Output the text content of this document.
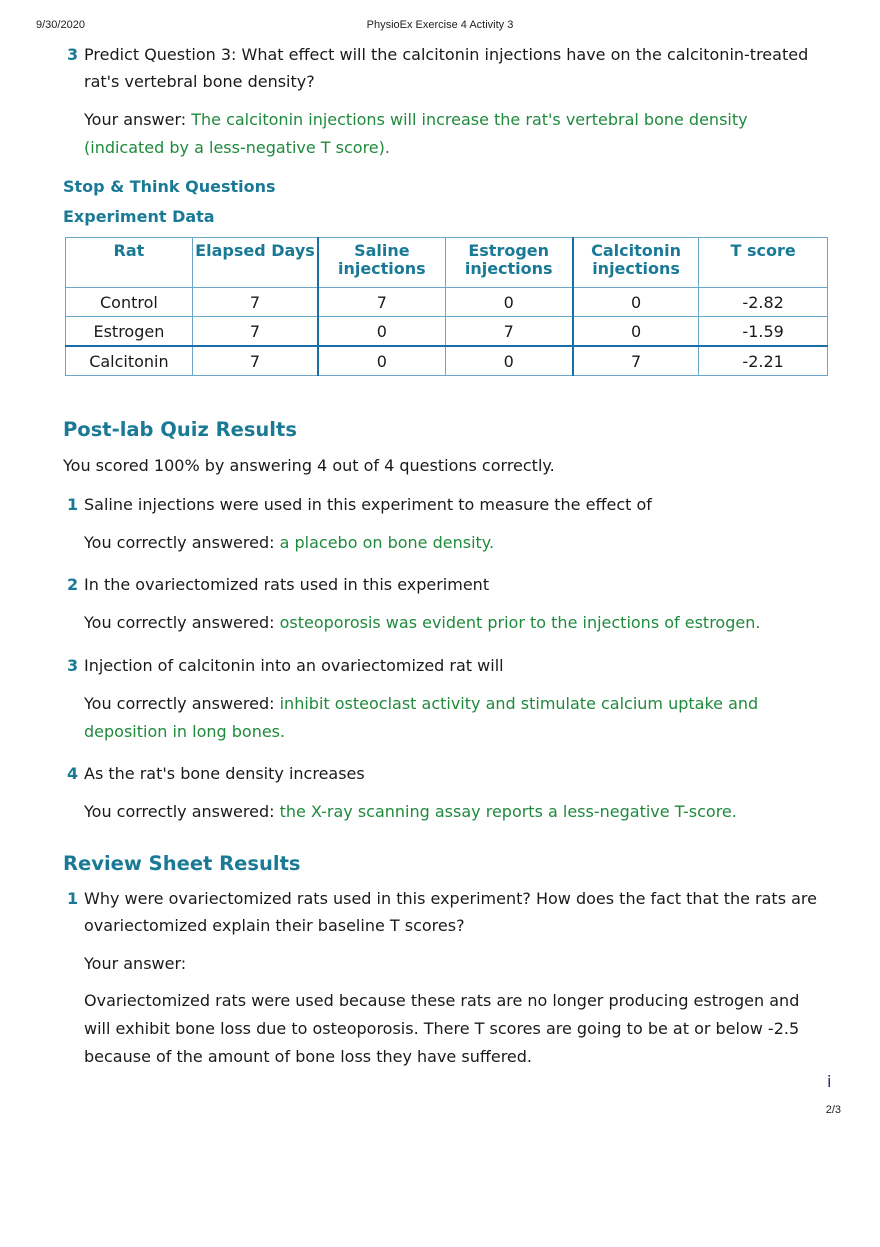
9/30/2020	PhysioEx Exercise 4 Activity 3
3 Predict Question 3: What effect will the calcitonin injections have on the calcitonin-treated rat's vertebral bone density?
Your answer: The calcitonin injections will increase the rat's vertebral bone density (indicated by a less-negative T score).
Stop & Think Questions
Experiment Data
Rat	Elapsed Days	Saline injections	Estrogen injections	Calcitonin injections	T score
Control	7	7	0	0	-2.82
Estrogen	7	0	7	0	-1.59
Calcitonin	7	0	0	7	-2.21
Post-lab Quiz Results
You scored 100% by answering 4 out of 4 questions correctly.
1 Saline injections were used in this experiment to measure the effect of
You correctly answered: a placebo on bone density.
2 In the ovariectomized rats used in this experiment
You correctly answered: osteoporosis was evident prior to the injections of estrogen.
3 Injection of calcitonin into an ovariectomized rat will
You correctly answered: inhibit osteoclast activity and stimulate calcium uptake and deposition in long bones.
4 As the rat's bone density increases
You correctly answered: the X-ray scanning assay reports a less-negative T-score.
Review Sheet Results
1 Why were ovariectomized rats used in this experiment? How does the fact that the rats are ovariectomized explain their baseline T scores?
Your answer:
Ovariectomized rats were used because these rats are no longer producing estrogen and will exhibit bone loss due to osteoporosis. There T scores are going to be at or below -2.5 because of the amount of bone loss they have suffered.
i
2/3
